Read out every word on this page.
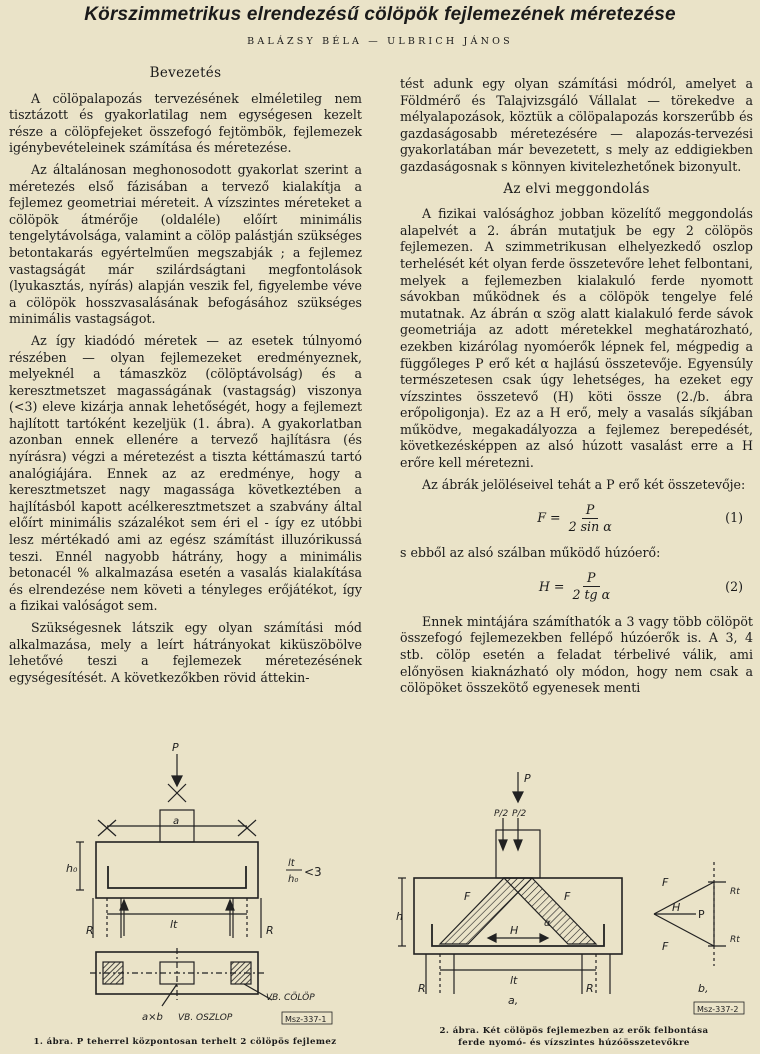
Körszimmetrikus elrendezésű cölöpök fejlemezének méretezése
BALÁZSY BÉLA — ULBRICH JÁNOS
Bevezetés

A cölöpalapozás tervezésének elméletileg nem tisztázott és gyakorlatilag nem egységesen kezelt része a cölöpfejeket összefogó fejtömbök, fejlemezek igénybevételeinek számítása és méretezése.

Az általánosan meghonosodott gyakorlat szerint a méretezés első fázisában a tervező kialakítja a fejlemez geometriai méreteit. A vízszintes méreteket a cölöpök átmérője (oldaléle) előírt minimális tengelytávolsága, valamint a cölöp palástján szükséges betontakarás egyértelműen megszabják ; a fejlemez vastagságát már szilárdságtani megfontolások (lyukasztás, nyírás) alapján veszik fel, figyelembe véve a cölöpök hosszvasalásának befogásához szükséges minimális vastagságot.

Az így kiadódó méretek — az esetek túlnyomó részében — olyan fejlemezeket eredményeznek, melyeknél a támaszköz (cölöptávolság) és a keresztmetszet magasságának (vastagság) viszonya (<3) eleve kizárja annak lehetőségét, hogy a fejlemezt hajlított tartóként kezeljük (1. ábra). A gyakorlatban azonban ennek ellenére a tervező hajlításra (és nyírásra) végzi a méretezést a tiszta kéttámaszú tartó analógiájára. Ennek az az eredménye, hogy a keresztmetszet nagy magassága következtében a hajlításból kapott acélkeresztmetszet a szabvány által előírt minimális százalékot sem éri el - így ez utóbbi lesz mértékadó ami az egész számítást illuzórikussá teszi. Ennél nagyobb hátrány, hogy a minimális betonacél % alkalmazása esetén a vasalás kialakítása és elrendezése nem követi a tényleges erőjátékot, így a fizikai valóságot sem.

Szükségesnek látszik egy olyan számítási mód alkalmazása, mely a leírt hátrányokat kiküszöbölve lehetővé teszi a fejlemezek méretezésének egységesítését. A következőkben rövid áttekin-

tést adunk egy olyan számítási módról, amelyet a Földmérő és Talajvizsgáló Vállalat — törekedve a mélyalapozások, köztük a cölöpalapozás korszerűbb és gazdaságosabb méretezésére — alapozás-tervezési gyakorlatában már bevezetett, s mely az eddigiekben gazdaságosnak s könnyen kivitelezhetőnek bizonyult.

Az elvi meggondolás

A fizikai valósághoz jobban közelítő meggondolás alapelvét a 2. ábrán mutatjuk be egy 2 cölöpös fejlemezen. A szimmetrikusan elhelyezkedő oszlop terhelését két olyan ferde összetevőre lehet felbontani, melyek a fejlemezben kialakuló ferde nyomott sávokban működnek és a cölöpök tengelye felé mutatnak. Az ábrán α szög alatt kialakuló ferde sávok geometriája az adott méretekkel meghatározható, ezekben kizárólag nyomóerők lépnek fel, mégpedig a függőleges P erő két α hajlású összetevője. Egyensúly természetesen csak úgy lehetséges, ha ezeket egy vízszintes összetevő (H) köti össze (2./b. ábra erőpoligonja). Ez az a H erő, mely a vasalás síkjában működve, megakadályozza a fejlemez berepedését, következésképpen az alsó húzott vasalást erre a H erőre kell méretezni.

Az ábrák jelöléseivel tehát a P erő két összetevője:

$F = \frac{P}{\text{2 sin α}}$	(1)

s ebből az alsó szálban működő húzóerő:

$H = \frac{P}{\text{2 tg α}}$	(2)

Ennek mintájára számíthatók a 3 vagy több cölöpöt összefogó fejlemezekben fellépő húzóerők is. A 3, 4 stb. cölöp esetén a feladat térbelivé válik, ami előnyösen kiaknázható oly módon, hogy nem csak a cölöpöket összekötő egyenesek menti

P
a
h₀
R	R
lt
lt
h₀
<3
VB. CÖLÖP
a×b VB. OSZLOP	Msz-337-1
1. ábra. P teherrel központosan terhelt 2 cölöpös fejlemez
P
P/2 P/2
h
F	F
H
α
R	R
lt
a,
F
F
H
P
Rt
Rt
b,
Msz-337-2
2. ábra. Két cölöpös fejlemezben az erők felbontása
ferde nyomó- és vízszintes húzóösszetevőkre
